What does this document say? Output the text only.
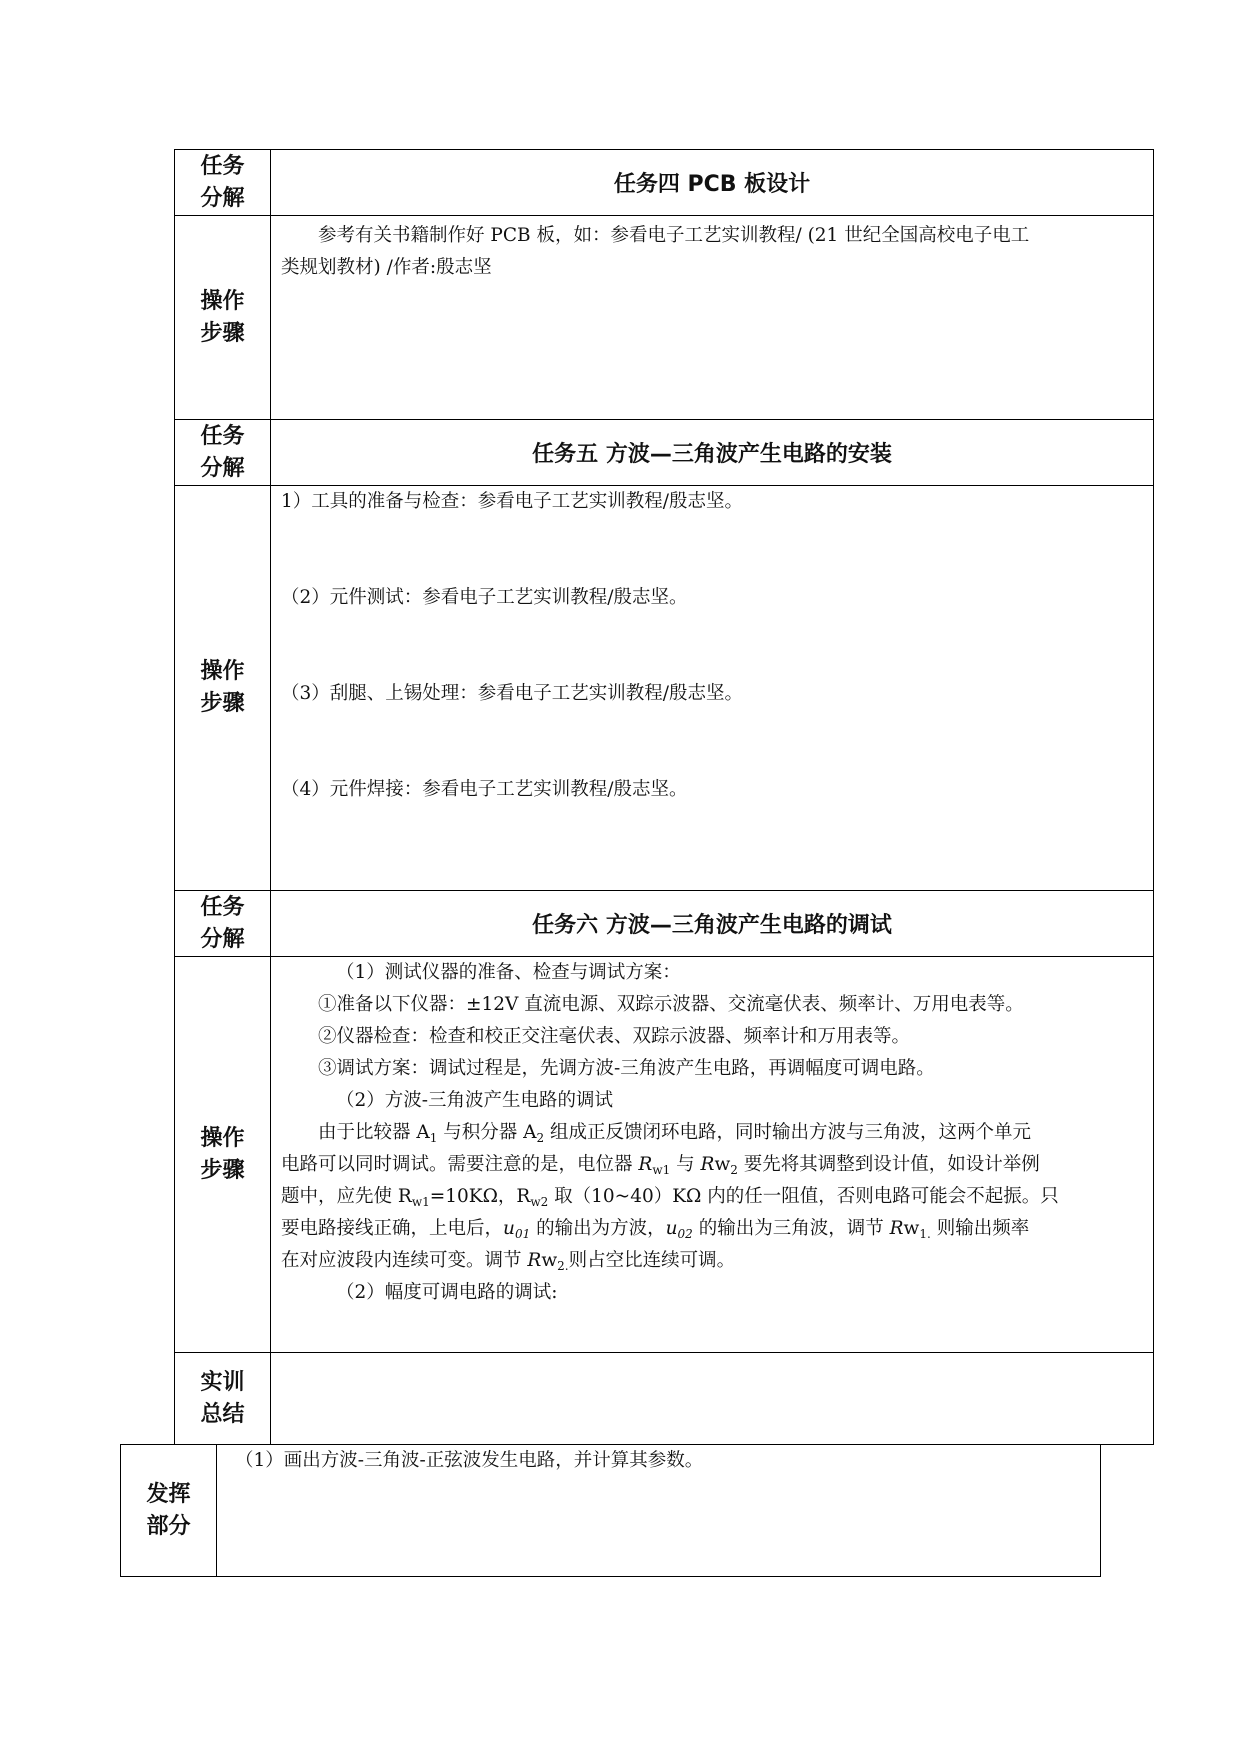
任务
分解
任务四 PCB 板设计
操作
步骤

参考有关书籍制作好 PCB 板，如：参看电子工艺实训教程/ (21 世纪全国高校电子电工

类规划教材) /作者:殷志坚

任务
分解
任务五 方波—三角波产生电路的安装
操作
步骤

1）工具的准备与检查：参看电子工艺实训教程/殷志坚。

（2）元件测试：参看电子工艺实训教程/殷志坚。

（3）刮腿、上锡处理：参看电子工艺实训教程/殷志坚。

（4）元件焊接：参看电子工艺实训教程/殷志坚。

任务
分解
任务六 方波—三角波产生电路的调试
操作
步骤

（1）测试仪器的准备、检查与调试方案：

①准备以下仪器：±12V 直流电源、双踪示波器、交流毫伏表、频率计、万用电表等。

②仪器检查：检查和校正交注毫伏表、双踪示波器、频率计和万用表等。

③调试方案：调试过程是，先调方波-三角波产生电路，再调幅度可调电路。

（2）方波-三角波产生电路的调试

由于比较器 $A_1$ 与积分器 $A_2$ 组成正反馈闭环电路，同时输出方波与三角波，这两个单元

电路可以同时调试。需要注意的是，电位器 $R_{w1}$ 与 $Rw_2$ 要先将其调整到设计值，如设计举例

题中，应先使 $R_{w1}=10K\Omega$，$R_{w2}$ 取（10~40）KΩ 内的任一阻值，否则电路可能会不起振。只

要电路接线正确，上电后，$u_{01}$ 的输出为方波，$u_{02}$ 的输出为三角波，调节 $Rw_{1.}$ 则输出频率

在对应波段内连续可变。调节 $Rw_{2.}$则占空比连续可调。

（2）幅度可调电路的调试:

实训
总结
发挥
部分

（1）画出方波-三角波-正弦波发生电路，并计算其参数。
